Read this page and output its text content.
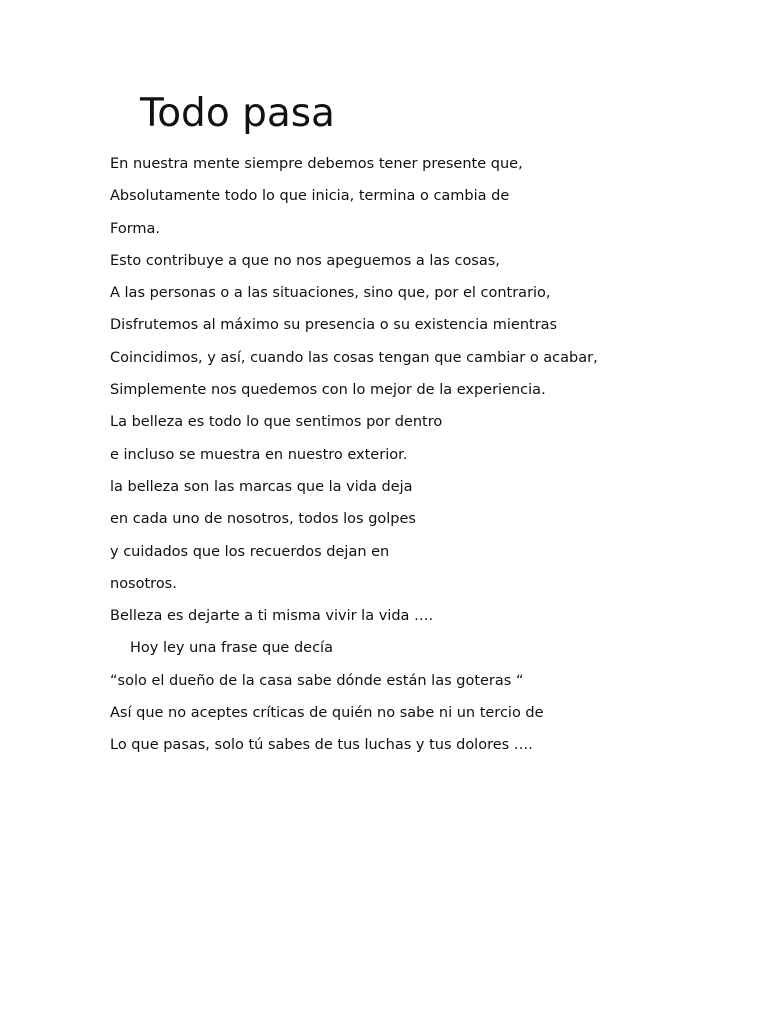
Todo pasa
En nuestra mente siempre debemos tener presente que,
Absolutamente todo lo que inicia, termina o cambia de
Forma.
Esto contribuye a que no nos apeguemos a las cosas,
A las personas o a las situaciones, sino que, por el contrario,
Disfrutemos al máximo su presencia o su existencia mientras
Coincidimos, y así, cuando las cosas tengan que cambiar o acabar,
Simplemente nos quedemos con lo mejor de la experiencia.
La belleza es todo lo que sentimos por dentro
e incluso se muestra en nuestro exterior.
la belleza son las marcas que la vida deja
en cada uno de nosotros, todos los golpes
y cuidados que los recuerdos dejan en
nosotros.
Belleza es dejarte a ti misma vivir la vida ….
Hoy ley una frase que decía
“solo el dueño de la casa sabe dónde están las goteras “
Así que no aceptes críticas de quién no sabe ni un tercio de
Lo que pasas, solo tú sabes de tus luchas y tus dolores ….
